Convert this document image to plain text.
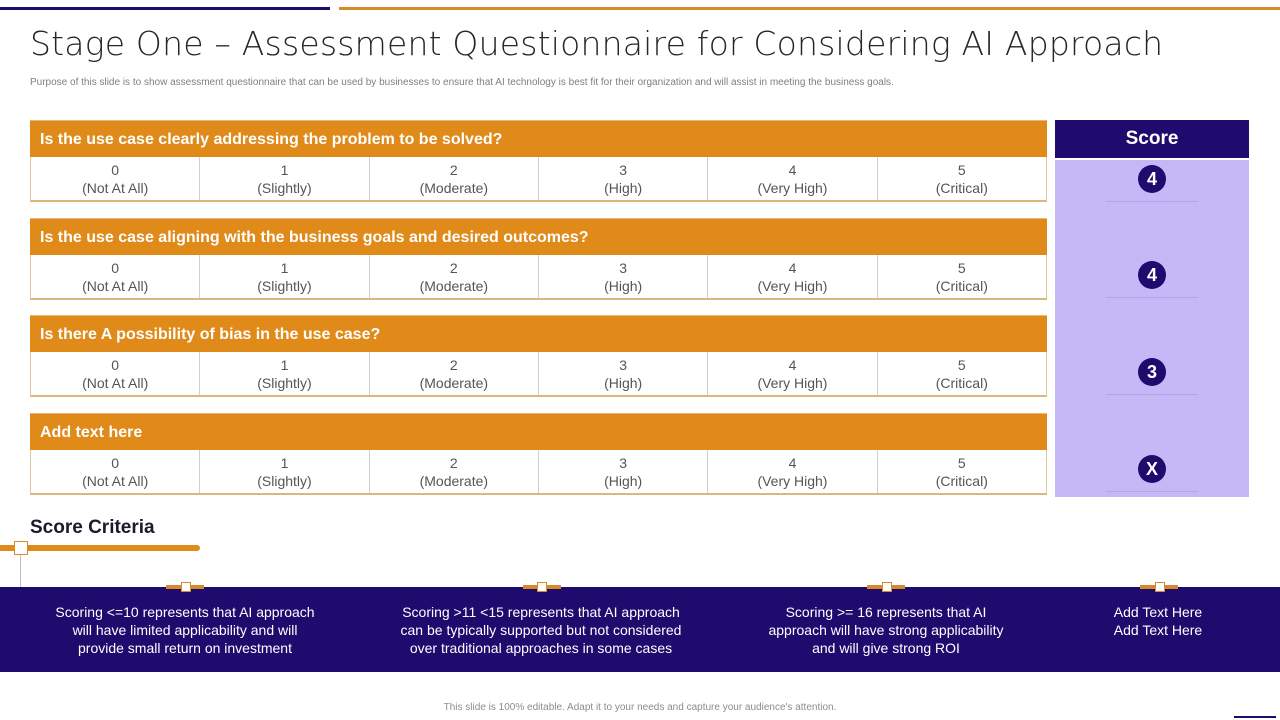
Stage One – Assessment Questionnaire for Considering AI Approach
Purpose of this slide is to show assessment questionnaire that can be used by businesses to ensure that AI technology is best fit for their organization and will assist in meeting the business goals.
Is the use case clearly addressing the problem to be solved?
0
(Not At All)
1
(Slightly)
2
(Moderate)
3
(High)
4
(Very High)
5
(Critical)
Is the use case aligning with the business goals and desired outcomes?
0
(Not At All)
1
(Slightly)
2
(Moderate)
3
(High)
4
(Very High)
5
(Critical)
Is there A possibility of bias in the use case?
0
(Not At All)
1
(Slightly)
2
(Moderate)
3
(High)
4
(Very High)
5
(Critical)
Add text here
0
(Not At All)
1
(Slightly)
2
(Moderate)
3
(High)
4
(Very High)
5
(Critical)
Score
4
4
3
X
Score Criteria
Scoring <=10 represents that AI approach
will have limited applicability and will
provide small return on investment
Scoring >11 <15 represents that AI approach
can be typically supported but not considered
over traditional approaches in some cases
Scoring >= 16 represents that AI
approach will have strong applicability
and will give strong ROI
Add Text Here
Add Text Here
This slide is 100% editable. Adapt it to your needs and capture your audience's attention.
